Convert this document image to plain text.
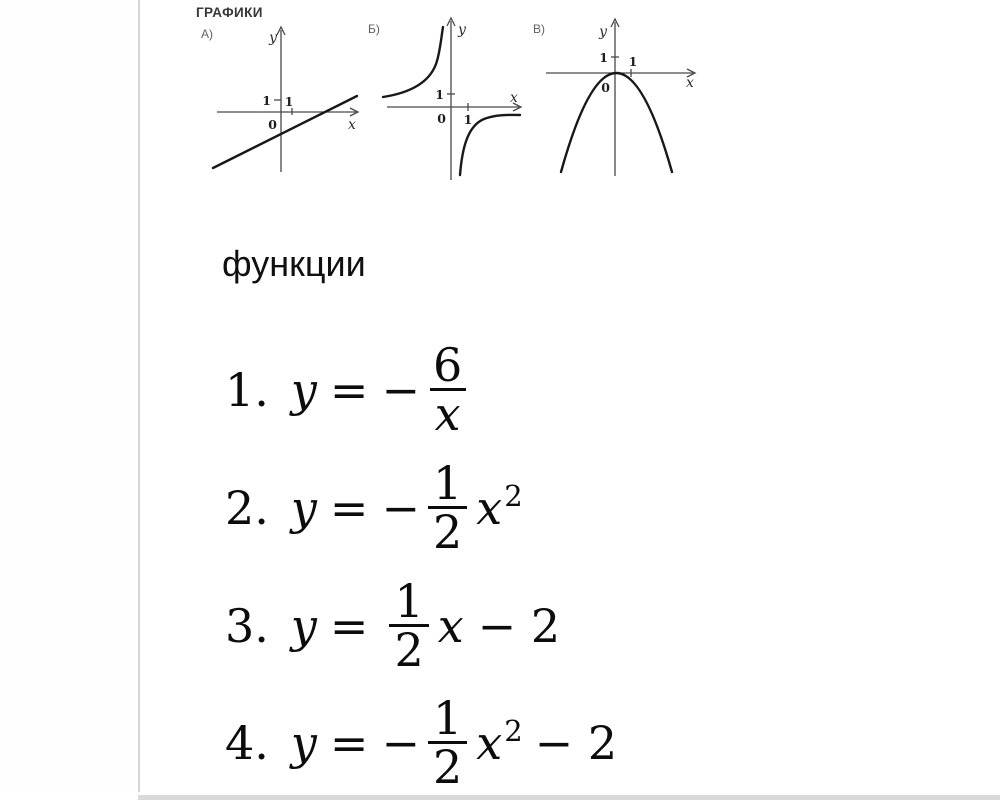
ГРАФИКИ
А)	y
x
1 1
0
Б)	y
x
1
1
0
В)	y
x
1 1
0
функции
1. y = − $\frac{6}{x}$
2. y = − $\frac{1}{2} x^2$
3. $y = \frac{1}{2}$ x − 2
4. y = − $\frac{1}{2} x^2 - 2$
